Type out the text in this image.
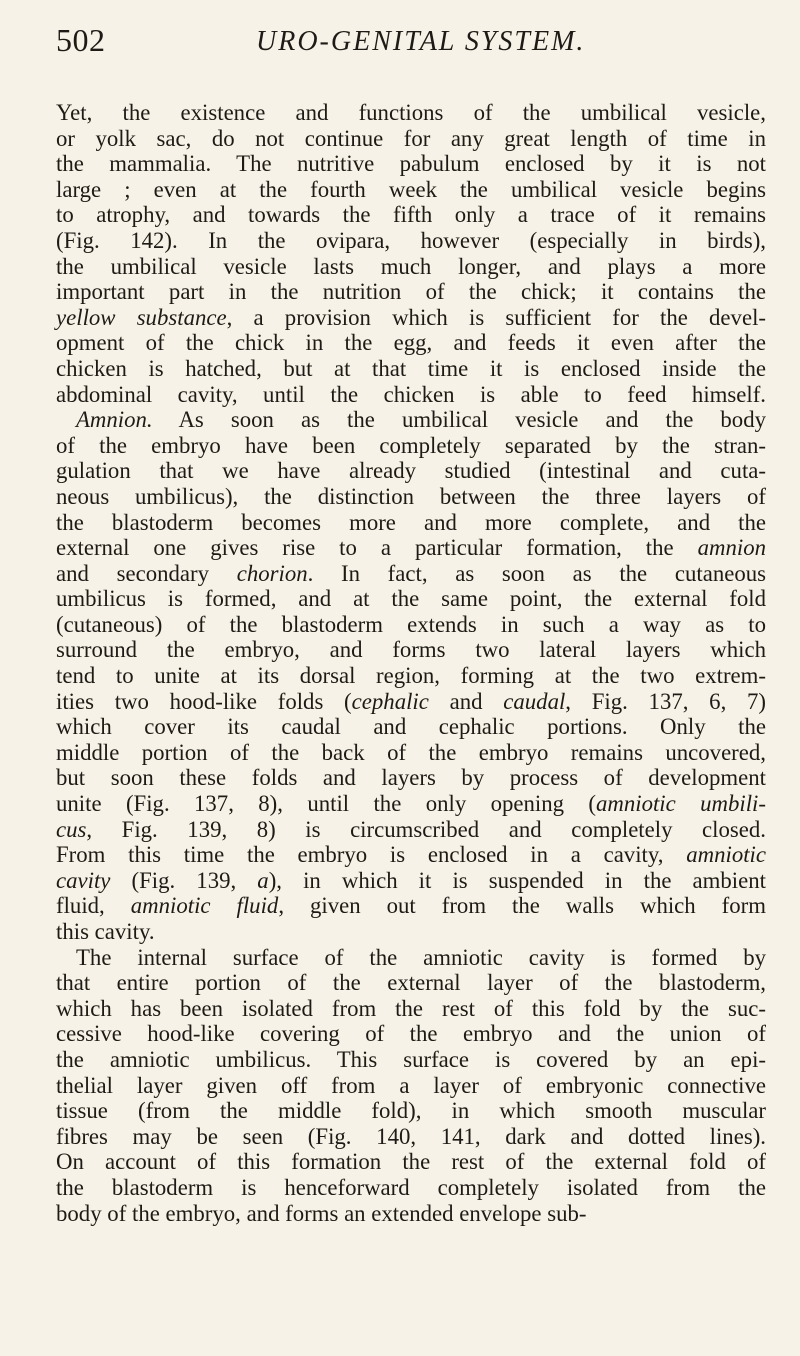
502	URO-GENITAL SYSTEM.
Yet, the existence and functions of the umbilical vesicle,
or yolk sac, do not continue for any great length of time in
the mammalia. The nutritive pabulum enclosed by it is not
large ; even at the fourth week the umbilical vesicle begins
to atrophy, and towards the fifth only a trace of it remains
(Fig. 142). In the ovipara, however (especially in birds),
the umbilical vesicle lasts much longer, and plays a more
important part in the nutrition of the chick; it contains the
yellow substance, a provision which is sufficient for the devel-
opment of the chick in the egg, and feeds it even after the
chicken is hatched, but at that time it is enclosed inside the
abdominal cavity, until the chicken is able to feed himself.
Amnion. As soon as the umbilical vesicle and the body
of the embryo have been completely separated by the stran-
gulation that we have already studied (intestinal and cuta-
neous umbilicus), the distinction between the three layers of
the blastoderm becomes more and more complete, and the
external one gives rise to a particular formation, the amnion
and secondary chorion. In fact, as soon as the cutaneous
umbilicus is formed, and at the same point, the external fold
(cutaneous) of the blastoderm extends in such a way as to
surround the embryo, and forms two lateral layers which
tend to unite at its dorsal region, forming at the two extrem-
ities two hood-like folds (cephalic and caudal, Fig. 137, 6, 7)
which cover its caudal and cephalic portions. Only the
middle portion of the back of the embryo remains uncovered,
but soon these folds and layers by process of development
unite (Fig. 137, 8), until the only opening (amniotic umbili-
cus, Fig. 139, 8) is circumscribed and completely closed.
From this time the embryo is enclosed in a cavity, amniotic
cavity (Fig. 139, a), in which it is suspended in the ambient
fluid, amniotic fluid, given out from the walls which form
this cavity.
The internal surface of the amniotic cavity is formed by
that entire portion of the external layer of the blastoderm,
which has been isolated from the rest of this fold by the suc-
cessive hood-like covering of the embryo and the union of
the amniotic umbilicus. This surface is covered by an epi-
thelial layer given off from a layer of embryonic connective
tissue (from the middle fold), in which smooth muscular
fibres may be seen (Fig. 140, 141, dark and dotted lines).
On account of this formation the rest of the external fold of
the blastoderm is henceforward completely isolated from the
body of the embryo, and forms an extended envelope sub-
